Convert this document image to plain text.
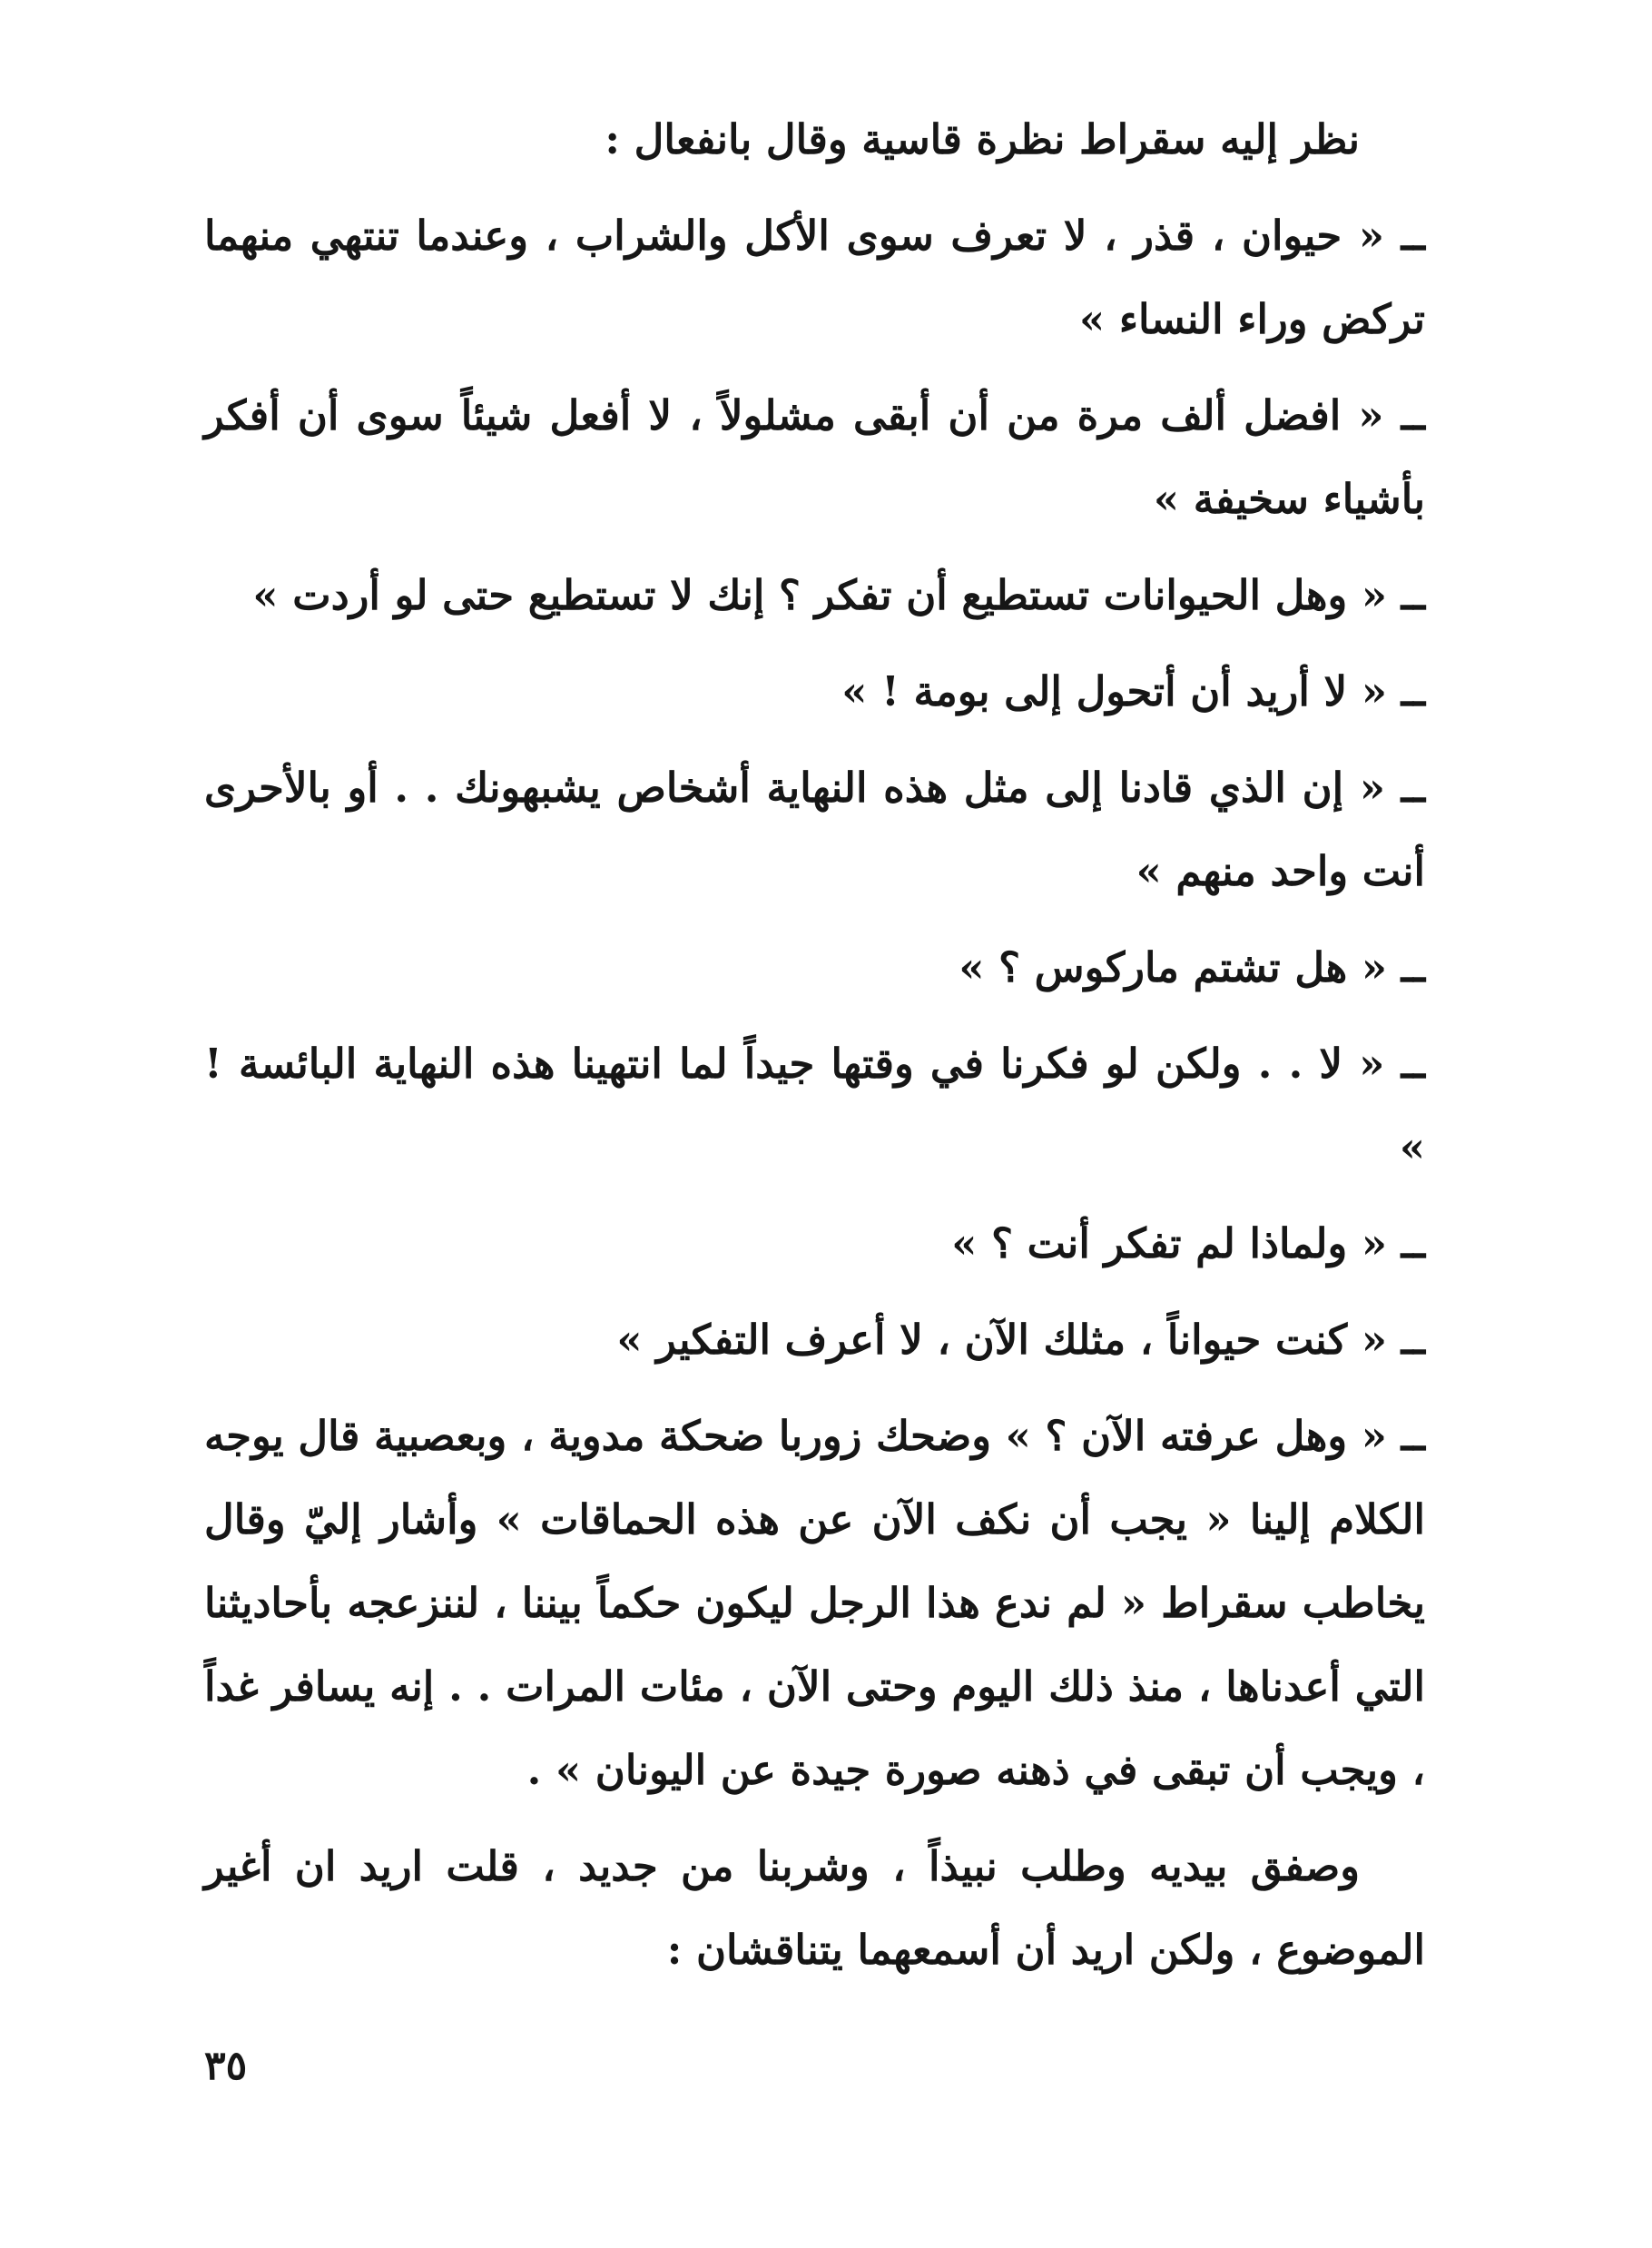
نظر إليه سقراط نظرة قاسية وقال بانفعال :

ــ « حيوان ، قذر ، لا تعرف سوى الأكل والشراب ، وعندما تنتهي منهما تركض وراء النساء »

ــ « افضل ألف مرة من أن أبقى مشلولاً ، لا أفعل شيئاً سوى أن أفكر بأشياء سخيفة »

ــ « وهل الحيوانات تستطيع أن تفكر ؟ إنك لا تستطيع حتى لو أردت »

ــ « لا أريد أن أتحول إلى بومة ! »

ــ « إن الذي قادنا إلى مثل هذه النهاية أشخاص يشبهونك . . أو بالأحرى أنت واحد منهم »

ــ « هل تشتم ماركوس ؟ »

ــ « لا . . ولكن لو فكرنا في وقتها جيداً لما انتهينا هذه النهاية البائسة ! »

ــ « ولماذا لم تفكر أنت ؟ »

ــ « كنت حيواناً ، مثلك الآن ، لا أعرف التفكير »

ــ « وهل عرفته الآن ؟ » وضحك زوربا ضحكة مدوية ، وبعصبية قال يوجه الكلام إلينا « يجب أن نكف الآن عن هذه الحماقات » وأشار إليّ وقال يخاطب سقراط « لم ندع هذا الرجل ليكون حكماً بيننا ، لننزعجه بأحاديثنا التي أعدناها ، منذ ذلك اليوم وحتى الآن ، مئات المرات . . إنه يسافر غداً ، ويجب أن تبقى في ذهنه صورة جيدة عن اليونان » .

وصفق بيديه وطلب نبيذاً ، وشربنا من جديد ، قلت اريد ان أغير الموضوع ، ولكن اريد أن أسمعهما يتناقشان :

٣٥
